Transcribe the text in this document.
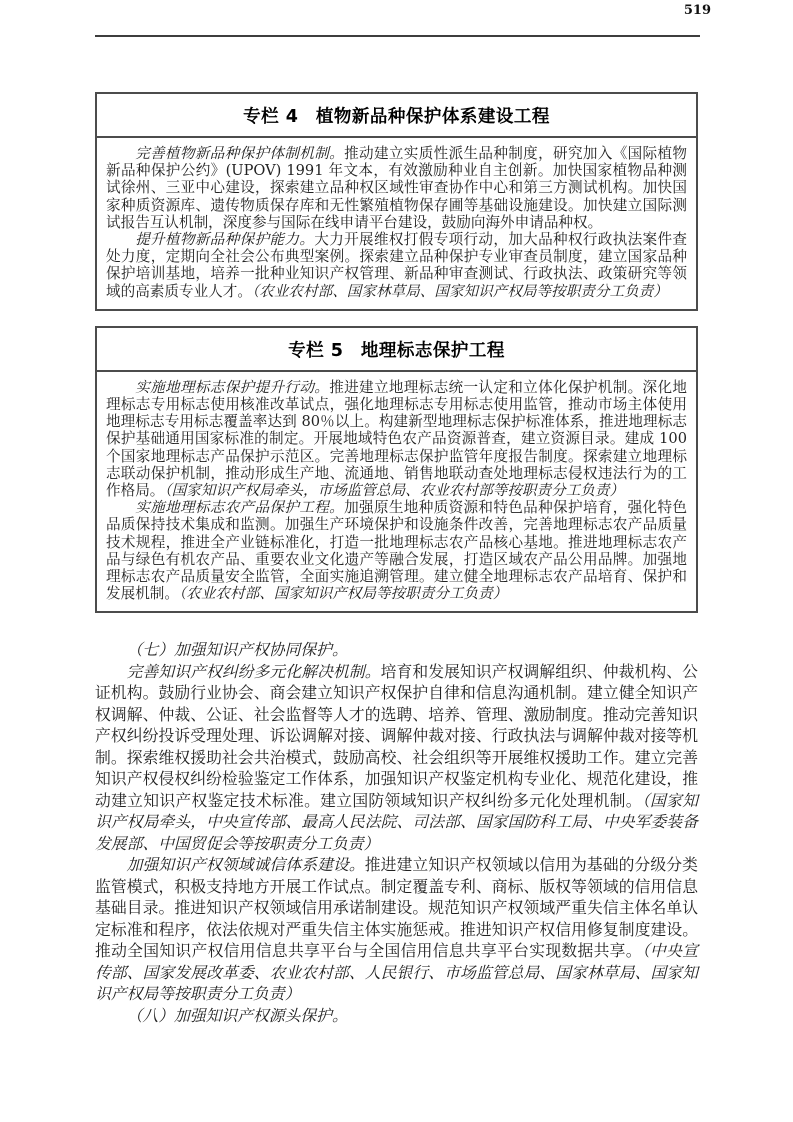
519
专栏 4 植物新品种保护体系建设工程

完善植物新品种保护体制机制。推动建立实质性派生品种制度，研究加入《国际植物新品种保护公约》(UPOV) 1991 年文本，有效激励种业自主创新。加快国家植物品种测试徐州、三亚中心建设，探索建立品种权区域性审查协作中心和第三方测试机构。加快国家种质资源库、遗传物质保存库和无性繁殖植物保存圃等基础设施建设。加快建立国际测试报告互认机制，深度参与国际在线申请平台建设，鼓励向海外申请品种权。

提升植物新品种保护能力。大力开展维权打假专项行动，加大品种权行政执法案件查处力度，定期向全社会公布典型案例。探索建立品种保护专业审查员制度，建立国家品种保护培训基地，培养一批种业知识产权管理、新品种审查测试、行政执法、政策研究等领域的高素质专业人才。（农业农村部、国家林草局、国家知识产权局等按职责分工负责）

专栏 5 地理标志保护工程

实施地理标志保护提升行动。推进建立地理标志统一认定和立体化保护机制。深化地理标志专用标志使用核准改革试点，强化地理标志专用标志使用监管，推动市场主体使用地理标志专用标志覆盖率达到 80％以上。构建新型地理标志保护标准体系，推进地理标志保护基础通用国家标准的制定。开展地域特色农产品资源普查，建立资源目录。建成 100 个国家地理标志产品保护示范区。完善地理标志保护监管年度报告制度。探索建立地理标志联动保护机制，推动形成生产地、流通地、销售地联动查处地理标志侵权违法行为的工作格局。（国家知识产权局牵头，市场监管总局、农业农村部等按职责分工负责）

实施地理标志农产品保护工程。加强原生地种质资源和特色品种保护培育，强化特色品质保持技术集成和监测。加强生产环境保护和设施条件改善，完善地理标志农产品质量技术规程，推进全产业链标准化，打造一批地理标志农产品核心基地。推进地理标志农产品与绿色有机农产品、重要农业文化遗产等融合发展，打造区域农产品公用品牌。加强地理标志农产品质量安全监管，全面实施追溯管理。建立健全地理标志农产品培育、保护和发展机制。（农业农村部、国家知识产权局等按职责分工负责）

（七）加强知识产权协同保护。

完善知识产权纠纷多元化解决机制。培育和发展知识产权调解组织、仲裁机构、公证机构。鼓励行业协会、商会建立知识产权保护自律和信息沟通机制。建立健全知识产权调解、仲裁、公证、社会监督等人才的选聘、培养、管理、激励制度。推动完善知识产权纠纷投诉受理处理、诉讼调解对接、调解仲裁对接、行政执法与调解仲裁对接等机制。探索维权援助社会共治模式，鼓励高校、社会组织等开展维权援助工作。建立完善知识产权侵权纠纷检验鉴定工作体系，加强知识产权鉴定机构专业化、规范化建设，推动建立知识产权鉴定技术标准。建立国防领域知识产权纠纷多元化处理机制。（国家知识产权局牵头，中央宣传部、最高人民法院、司法部、国家国防科工局、中央军委装备发展部、中国贸促会等按职责分工负责）

加强知识产权领域诚信体系建设。推进建立知识产权领域以信用为基础的分级分类监管模式，积极支持地方开展工作试点。制定覆盖专利、商标、版权等领域的信用信息基础目录。推进知识产权领域信用承诺制建设。规范知识产权领域严重失信主体名单认定标准和程序，依法依规对严重失信主体实施惩戒。推进知识产权信用修复制度建设。推动全国知识产权信用信息共享平台与全国信用信息共享平台实现数据共享。（中央宣传部、国家发展改革委、农业农村部、人民银行、市场监管总局、国家林草局、国家知识产权局等按职责分工负责）

（八）加强知识产权源头保护。
